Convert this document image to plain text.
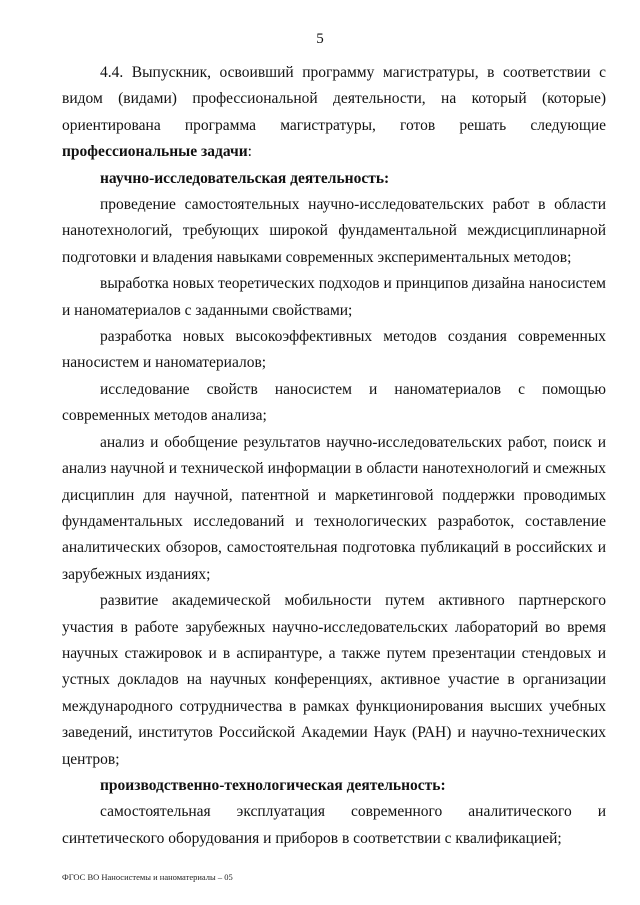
5

4.4. Выпускник, освоивший программу магистратуры, в соответствии с видом (видами) профессиональной деятельности, на который (которые) ориентирована программа магистратуры, готов решать следующие профессиональные задачи:

научно-исследовательская деятельность:

проведение самостоятельных научно-исследовательских работ в области нанотехнологий, требующих широкой фундаментальной междисциплинарной подготовки и владения навыками современных экспериментальных методов;

выработка новых теоретических подходов и принципов дизайна наносистем и наноматериалов с заданными свойствами;

разработка новых высокоэффективных методов создания современных наносистем и наноматериалов;

исследование свойств наносистем и наноматериалов с помощью современных методов анализа;

анализ и обобщение результатов научно-исследовательских работ, поиск и анализ научной и технической информации в области нанотехнологий и смежных дисциплин для научной, патентной и маркетинговой поддержки проводимых фундаментальных исследований и технологических разработок, составление аналитических обзоров, самостоятельная подготовка публикаций в российских и зарубежных изданиях;

развитие академической мобильности путем активного партнерского участия в работе зарубежных научно-исследовательских лабораторий во время научных стажировок и в аспирантуре, а также путем презентации стендовых и устных докладов на научных конференциях, активное участие в организации международного сотрудничества в рамках функционирования высших учебных заведений, институтов Российской Академии Наук (РАН) и научно-технических центров;

производственно-технологическая деятельность:

самостоятельная эксплуатация современного аналитического и синтетического оборудования и приборов в соответствии с квалификацией;

ФГОС ВО Наносистемы и наноматериалы – 05
